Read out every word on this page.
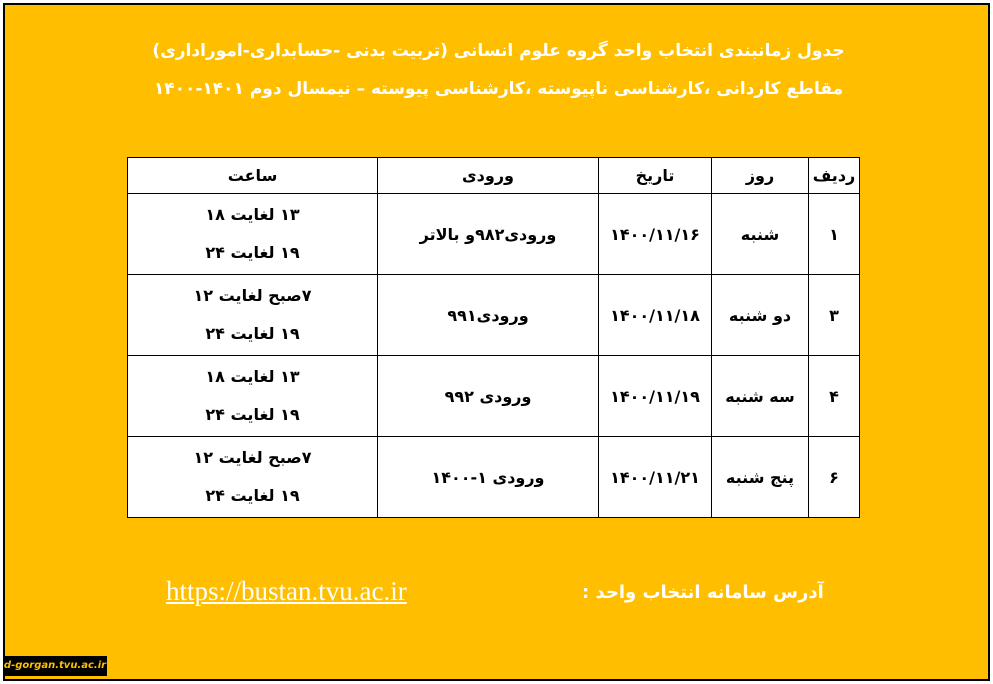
جدول زمانبندی انتخاب واحد گروه علوم انسانی (تربیت بدنی -حسابداری-اموراداری)
مقاطع کاردانی ،کارشناسی ناپیوسته ،کارشناسی پیوسته – نیمسال دوم ۱۴۰۱-۱۴۰۰
ردیف	روز	تاریخ	ورودی	ساعت
۱	شنبه	۱۴۰۰/۱۱/۱۶	ورودی۹۸۲و بالاتر	۱۳ لغایت ۱۸
۱۹ لغایت ۲۴

۳	دو شنبه	۱۴۰۰/۱۱/۱۸	ورودی۹۹۱	۷صبح لغایت ۱۲
۱۹ لغایت ۲۴

۴	سه شنبه	۱۴۰۰/۱۱/۱۹	ورودی ۹۹۲	۱۳ لغایت ۱۸
۱۹ لغایت ۲۴

۶	پنج شنبه	۱۴۰۰/۱۱/۲۱	ورودی ۱-۱۴۰۰	۷صبح لغایت ۱۲
۱۹ لغایت ۲۴
https://bustan.tvu.ac.ir	آدرس سامانه انتخاب واحد :
d-gorgan.tvu.ac.ir
